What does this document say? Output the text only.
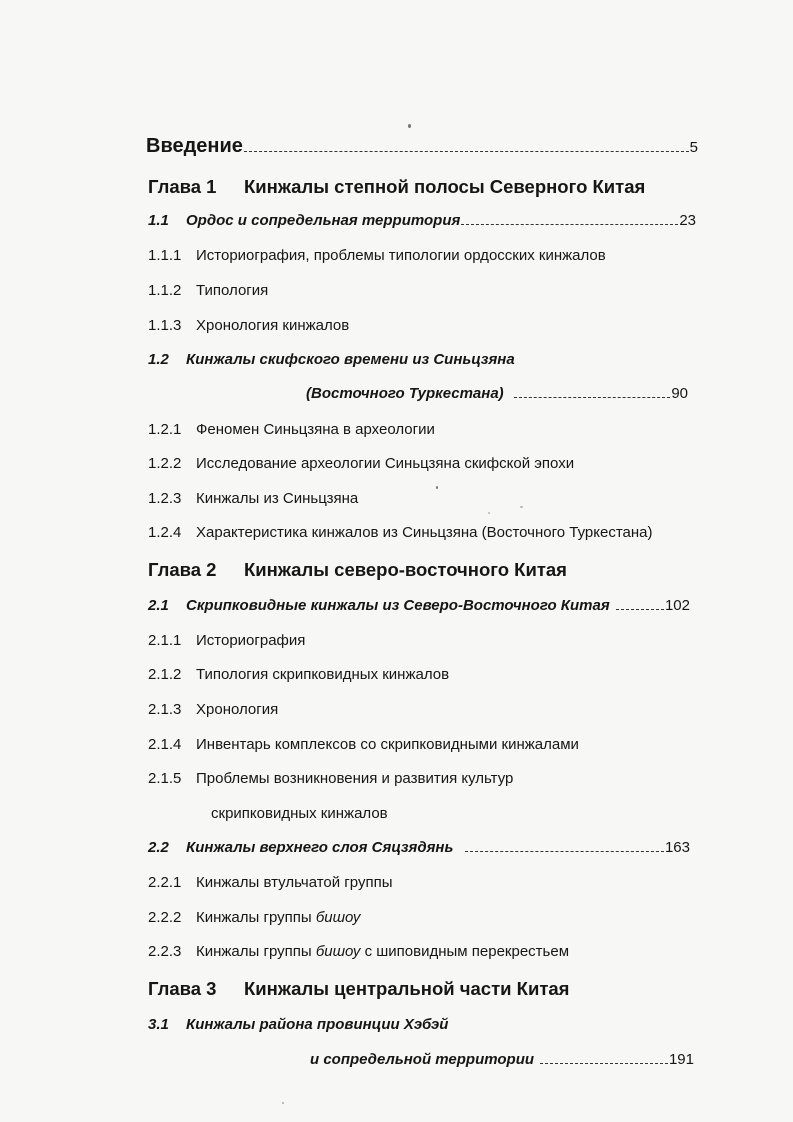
Введение	5
Глава 1 Кинжалы степной полосы Северного Китая
1.1	Ордос и сопредельная территория	23
1.1.1 Историография, проблемы типологии ордосских кинжалов
1.1.2 Типология
1.1.3 Хронология кинжалов
1.2 Кинжалы скифского времени из Синьцзяна
(Восточного Туркестана)	90
1.2.1 Феномен Синьцзяна в археологии
1.2.2 Исследование археологии Синьцзяна скифской эпохи
1.2.3 Кинжалы из Синьцзяна
1.2.4 Характеристика кинжалов из Синьцзяна (Восточного Туркестана)
Глава 2 Кинжалы северо-восточного Китая
2.1	Скрипковидные кинжалы из Северо-Восточного Китая	102
2.1.1 Историография
2.1.2 Типология скрипковидных кинжалов
2.1.3 Хронология
2.1.4 Инвентарь комплексов со скрипковидными кинжалами
2.1.5 Проблемы возникновения и развития культур
скрипковидных кинжалов
2.2	Кинжалы верхнего слоя Сяцзядянь	163
2.2.1 Кинжалы втульчатой группы
2.2.2 Кинжалы группы бишоу
2.2.3 Кинжалы группы бишоу с шиповидным перекрестьем
Глава 3 Кинжалы центральной части Китая
3.1 Кинжалы района провинции Хэбэй
и сопредельной территории	191
